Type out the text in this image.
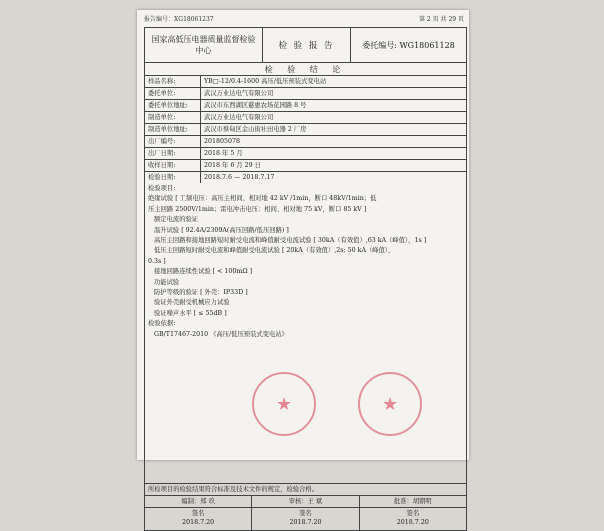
报告编号：XG18061237	第 2 页 共 29 页
国家高低压电器质量监督检验中心	检 验 报 告	委托编号:
WG18061128
检 验 结 论
样品名称:	YB□-12/0.4-1600 高压/低压预装式变电站
委托单位:	武汉万业达电气有限公司
委托单位地址:	武汉市东西湖区慈惠农场花园路 8 号
制造单位:	武汉万业达电气有限公司
制造单位地址:	武汉市蔡甸区金山街社田电器 2 厂房
出厂编号:	201805078
出厂日期:	2018 年 5 月
收样日期:	2018 年 6 月 29 日
检验日期:	2018.7.6 — 2018.7.17
检验项目:
绝缘试验 [ 工频电压：高压主相间、相对地 42 kV /1min，断口 48kV/1min；低
压主回路 2500V/1min；雷电冲击电压：相间、相对地 75 kV，断口 85 kV ]
额定电流的验证
温升试验 [ 92.4A/2309A(高压回路/低压回路) ]
高压主回路和接地回路短时耐受电流和峰值耐受电流试验 [ 30kA（有效值）,63 kA（峰值），1s ]
低压主回路短时耐受电流和峰值耐受电流试验 [ 20kA（有效值）,2s; 50 kA（峰值），
0.3s ]
接地回路连续性试验 [ < 100mΩ ]
功能试验
防护等级的验证 [ 外壳：IP33D ]
验证外壳耐受机械应力试验
验证噪声水平 [ ≤ 55dB ]
检验依据:
GB/T17467-2010 《高压/低压预装式变电站》
所检项目的检验结果符合标准及技术文件的规定，检验合格。
编制：郑 玖	审核：王 斌	批准：胡朝明
签名
2018.7.20
签名
2018.7.20
签名
2018.7.20
★	★
